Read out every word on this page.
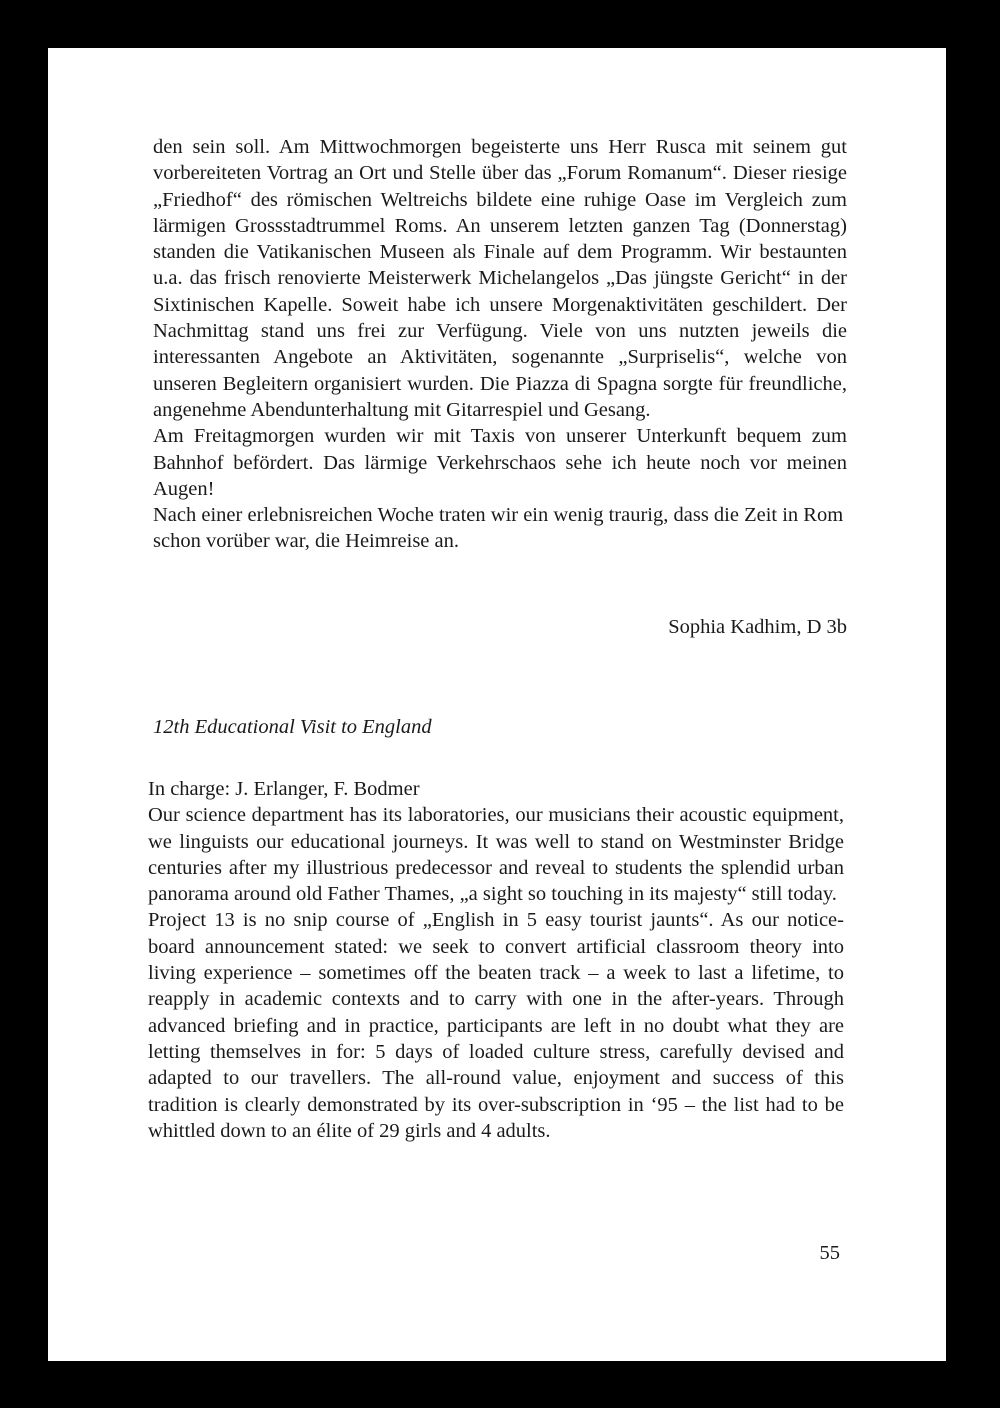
den sein soll. Am Mittwochmorgen begeisterte uns Herr Rusca mit seinem gut vorbereiteten Vortrag an Ort und Stelle über das „Forum Romanum“. Dieser riesige „Friedhof“ des römischen Weltreichs bildete eine ruhige Oase im Vergleich zum lärmigen Grossstadtrummel Roms. An unserem letzten ganzen Tag (Donnerstag) standen die Vatikanischen Museen als Finale auf dem Programm. Wir bestaunten u.a. das frisch renovierte Meisterwerk Michelangelos „Das jüngste Gericht“ in der Sixtinischen Kapelle. Soweit habe ich unsere Morgenaktivitäten geschildert. Der Nachmittag stand uns frei zur Verfügung. Viele von uns nutzten jeweils die interessanten Angebote an Aktivitäten, sogenannte „Surpriselis“, welche von unseren Begleitern organisiert wurden. Die Piazza di Spagna sorgte für freundliche, angenehme Abendunterhaltung mit Gitarrespiel und Gesang.

Am Freitagmorgen wurden wir mit Taxis von unserer Unterkunft bequem zum Bahnhof befördert. Das lärmige Verkehrschaos sehe ich heute noch vor meinen Augen!

Nach einer erlebnisreichen Woche traten wir ein wenig traurig, dass die Zeit in Rom schon vorüber war, die Heimreise an.

Sophia Kadhim, D 3b
12th Educational Visit to England

In charge: J. Erlanger, F. Bodmer

Our science department has its laboratories, our musicians their acoustic equipment, we linguists our educational journeys. It was well to stand on Westminster Bridge centuries after my illustrious predecessor and reveal to students the splendid urban panorama around old Father Thames, „a sight so touching in its majesty“ still today.

Project 13 is no snip course of „English in 5 easy tourist jaunts“. As our notice-board announcement stated: we seek to convert artificial classroom theory into living experience – sometimes off the beaten track – a week to last a lifetime, to reapply in academic contexts and to carry with one in the after-years. Through advanced briefing and in practice, participants are left in no doubt what they are letting themselves in for: 5 days of loaded culture stress, carefully devised and adapted to our travellers. The all-round value, enjoyment and success of this tradition is clearly demonstrated by its over-subscription in ‘95 – the list had to be whittled down to an élite of 29 girls and 4 adults.

55
